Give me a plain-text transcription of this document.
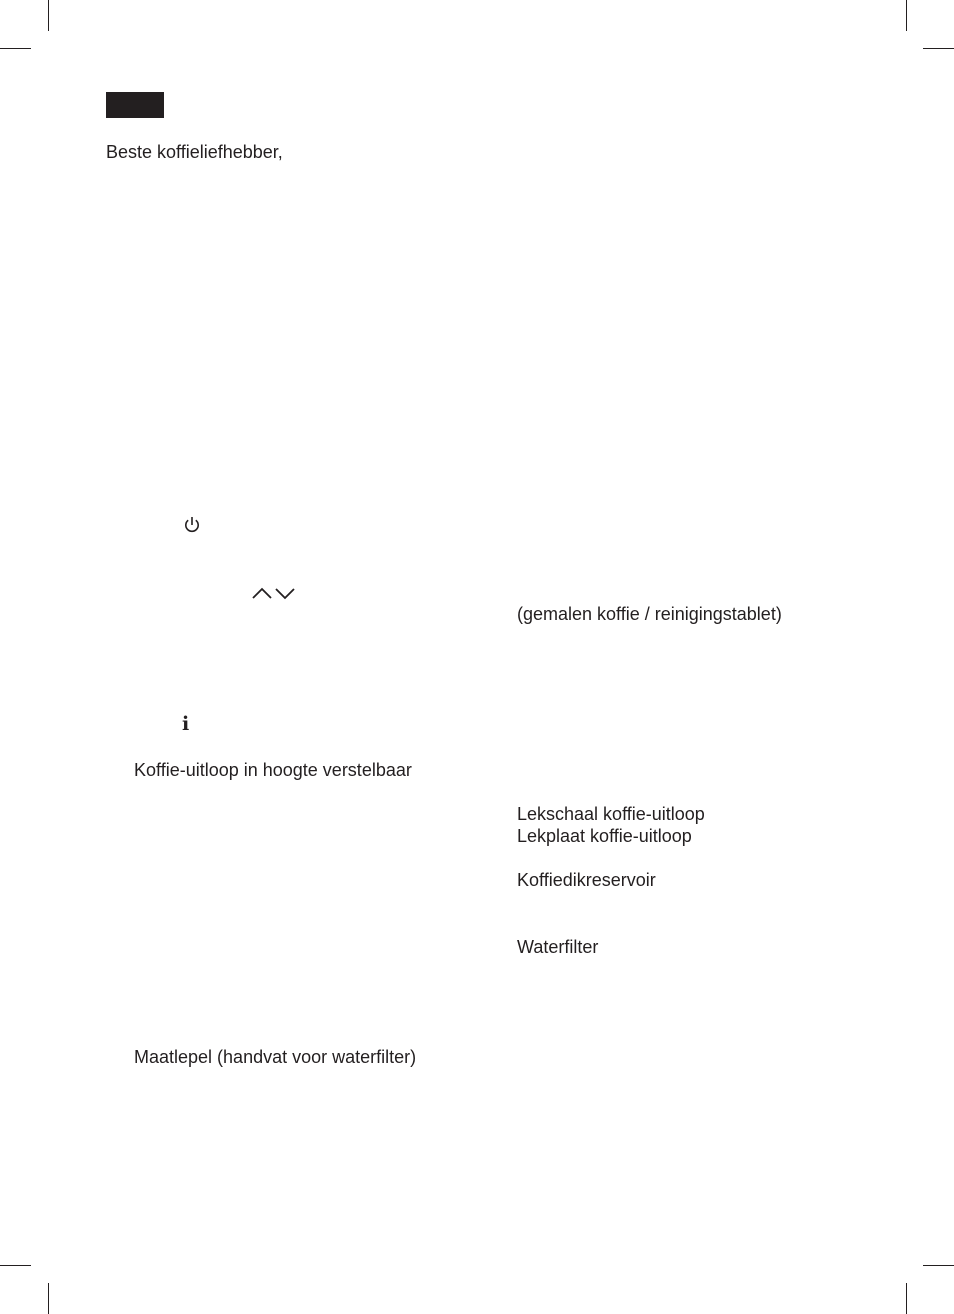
Beste koffieliefhebber,
(gemalen koffie / reinigingstablet)
i
Koffie-uitloop in hoogte verstelbaar
Lekschaal koffie-uitloop
Lekplaat koffie-uitloop
Koffiedikreservoir
Waterfilter
Maatlepel (handvat voor waterfilter)
